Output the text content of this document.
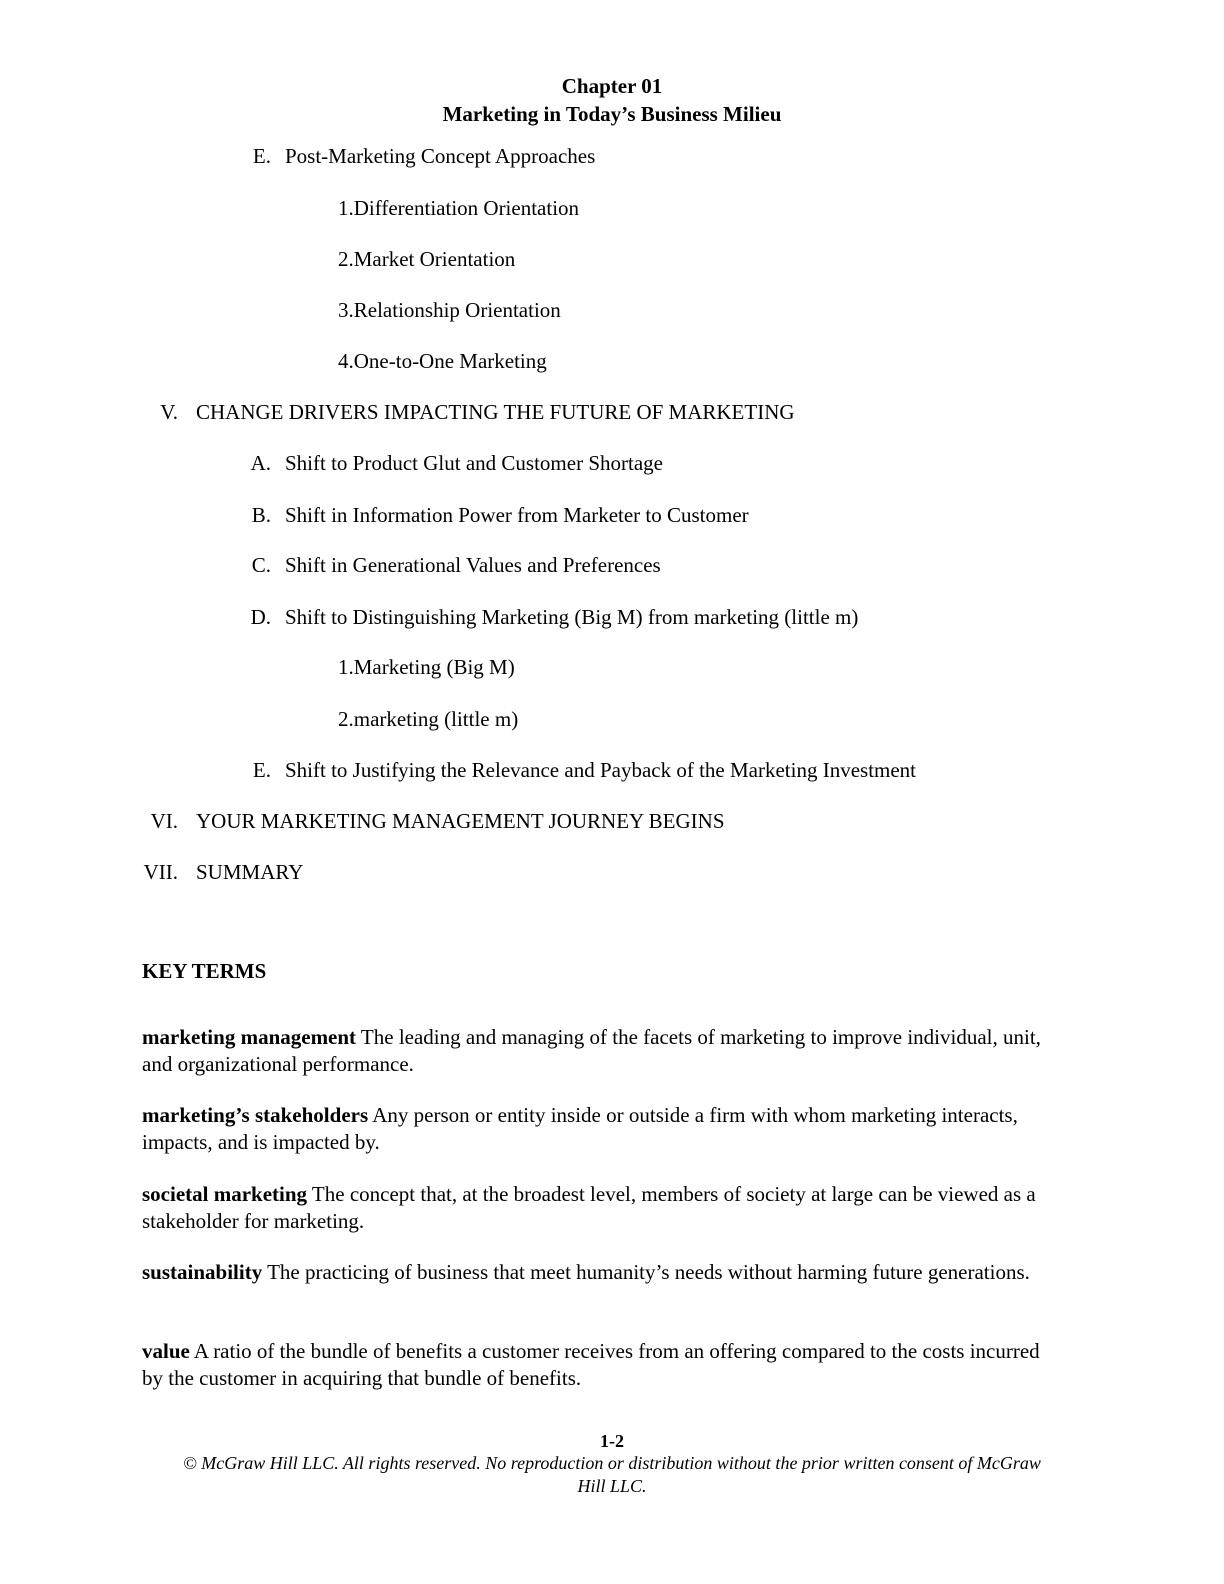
Chapter 01
Marketing in Today’s Business Milieu
E. Post-Marketing Concept Approaches
1.Differentiation Orientation
2.Market Orientation
3.Relationship Orientation
4.One-to-One Marketing
V. CHANGE DRIVERS IMPACTING THE FUTURE OF MARKETING
A. Shift to Product Glut and Customer Shortage
B. Shift in Information Power from Marketer to Customer
C. Shift in Generational Values and Preferences
D. Shift to Distinguishing Marketing (Big M) from marketing (little m)
1.Marketing (Big M)
2.marketing (little m)
E. Shift to Justifying the Relevance and Payback of the Marketing Investment
VI. YOUR MARKETING MANAGEMENT JOURNEY BEGINS
VII. SUMMARY
KEY TERMS
marketing management The leading and managing of the facets of marketing to improve individual, unit, and organizational performance.
marketing’s stakeholders Any person or entity inside or outside a firm with whom marketing interacts, impacts, and is impacted by.
societal marketing The concept that, at the broadest level, members of society at large can be viewed as a stakeholder for marketing.
sustainability The practicing of business that meet humanity’s needs without harming future generations.
value A ratio of the bundle of benefits a customer receives from an offering compared to the costs incurred by the customer in acquiring that bundle of benefits.
1-2
© McGraw Hill LLC. All rights reserved. No reproduction or distribution without the prior written consent of McGraw Hill LLC.
